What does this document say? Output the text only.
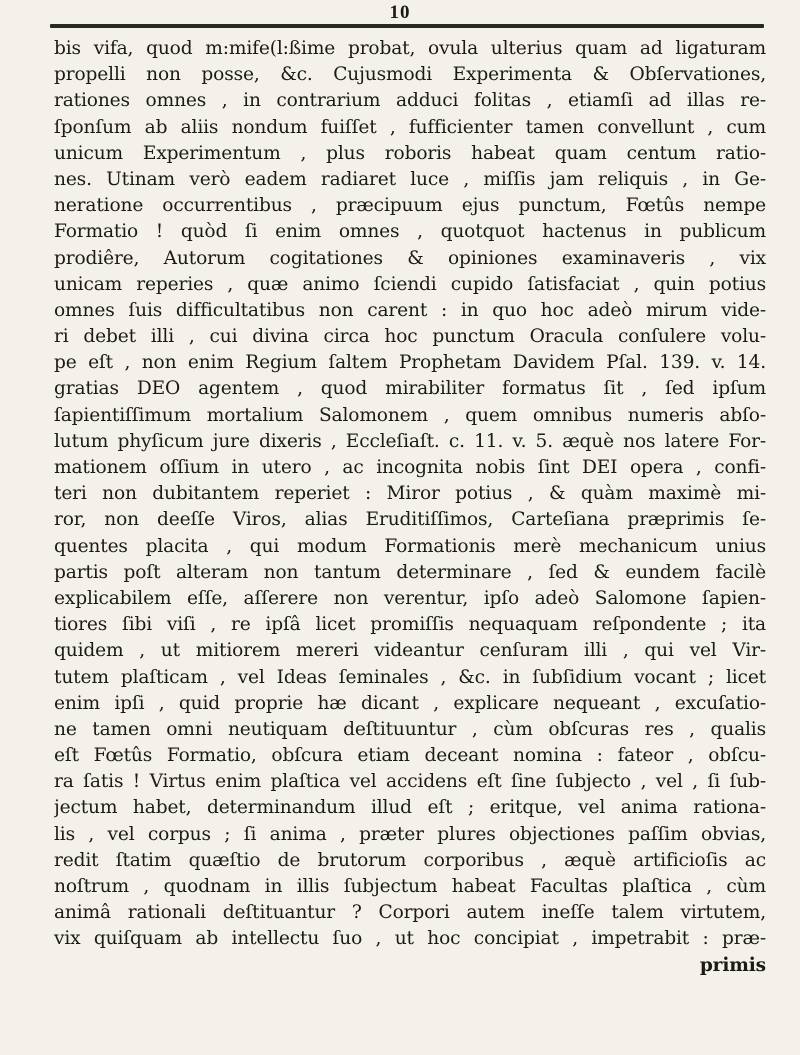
10
bis vifa, quod m:mife(l:ßime probat, ovula ulterius quam ad ligaturam
propelli non posse, &c. Cujusmodi Experimenta & Obſervationes,
rationes omnes , in contrarium adduci folitas , etiamſi ad illas re-
ſponſum ab aliis nondum fuiſſet , fufficienter tamen convellunt , cum
unicum Experimentum , plus roboris habeat quam centum ratio-
nes. Utinam verò eadem radiaret luce , miſſis jam reliquis , in Ge-
neratione occurrentibus , præcipuum ejus punctum, Fœtûs nempe
Formatio ! quòd ſi enim omnes , quotquot hactenus in publicum
prodiêre, Autorum cogitationes & opiniones examinaveris , vix
unicam reperies , quæ animo ſciendi cupido ſatisfaciat , quin potius
omnes ſuis difficultatibus non carent : in quo hoc adeò mirum vide-
ri debet illi , cui divina circa hoc punctum Oracula conſulere volu-
pe eſt , non enim Regium ſaltem Prophetam Davidem Pſal. 139. v. 14.
gratias DEO agentem , quod mirabiliter formatus ſit , ſed ipſum
ſapientiſſimum mortalium Salomonem , quem omnibus numeris abſo-
lutum phyſicum jure dixeris , Eccleſiaſt. c. 11. v. 5. æquè nos latere For-
mationem oſſium in utero , ac incognita nobis ſint DEI opera , confi-
teri non dubitantem reperiet : Miror potius , & quàm maximè mi-
ror, non deeſſe Viros, alias Eruditiſſimos, Carteſiana præprimis ſe-
quentes placita , qui modum Formationis merè mechanicum unius
partis poſt alteram non tantum determinare , ſed & eundem facilè
explicabilem eſſe, aſſerere non verentur, ipſo adeò Salomone ſapien-
tiores ſibi viſi , re ipſâ licet promiſſis nequaquam reſpondente ; ita
quidem , ut mitiorem mereri videantur cenſuram illi , qui vel Vir-
tutem plaſticam , vel Ideas ſeminales , &c. in ſubſidium vocant ; licet
enim ipſi , quid proprie hæ dicant , explicare nequeant , excuſatio-
ne tamen omni neutiquam deſtituuntur , cùm obſcuras res , qualis
eſt Fœtûs Formatio, obſcura etiam deceant nomina : fateor , obſcu-
ra ſatis ! Virtus enim plaſtica vel accidens eſt ſine ſubjecto , vel , ſi ſub-
jectum habet, determinandum illud eſt ; eritque, vel anima rationa-
lis , vel corpus ; ſi anima , præter plures objectiones paſſim obvias,
redit ſtatim quæſtio de brutorum corporibus , æquè artificioſis ac
noſtrum , quodnam in illis ſubjectum habeat Facultas plaſtica , cùm
animâ rationali deſtituantur ? Corpori autem ineſſe talem virtutem,
vix quiſquam ab intellectu ſuo , ut hoc concipiat , impetrabit : præ-
primis
